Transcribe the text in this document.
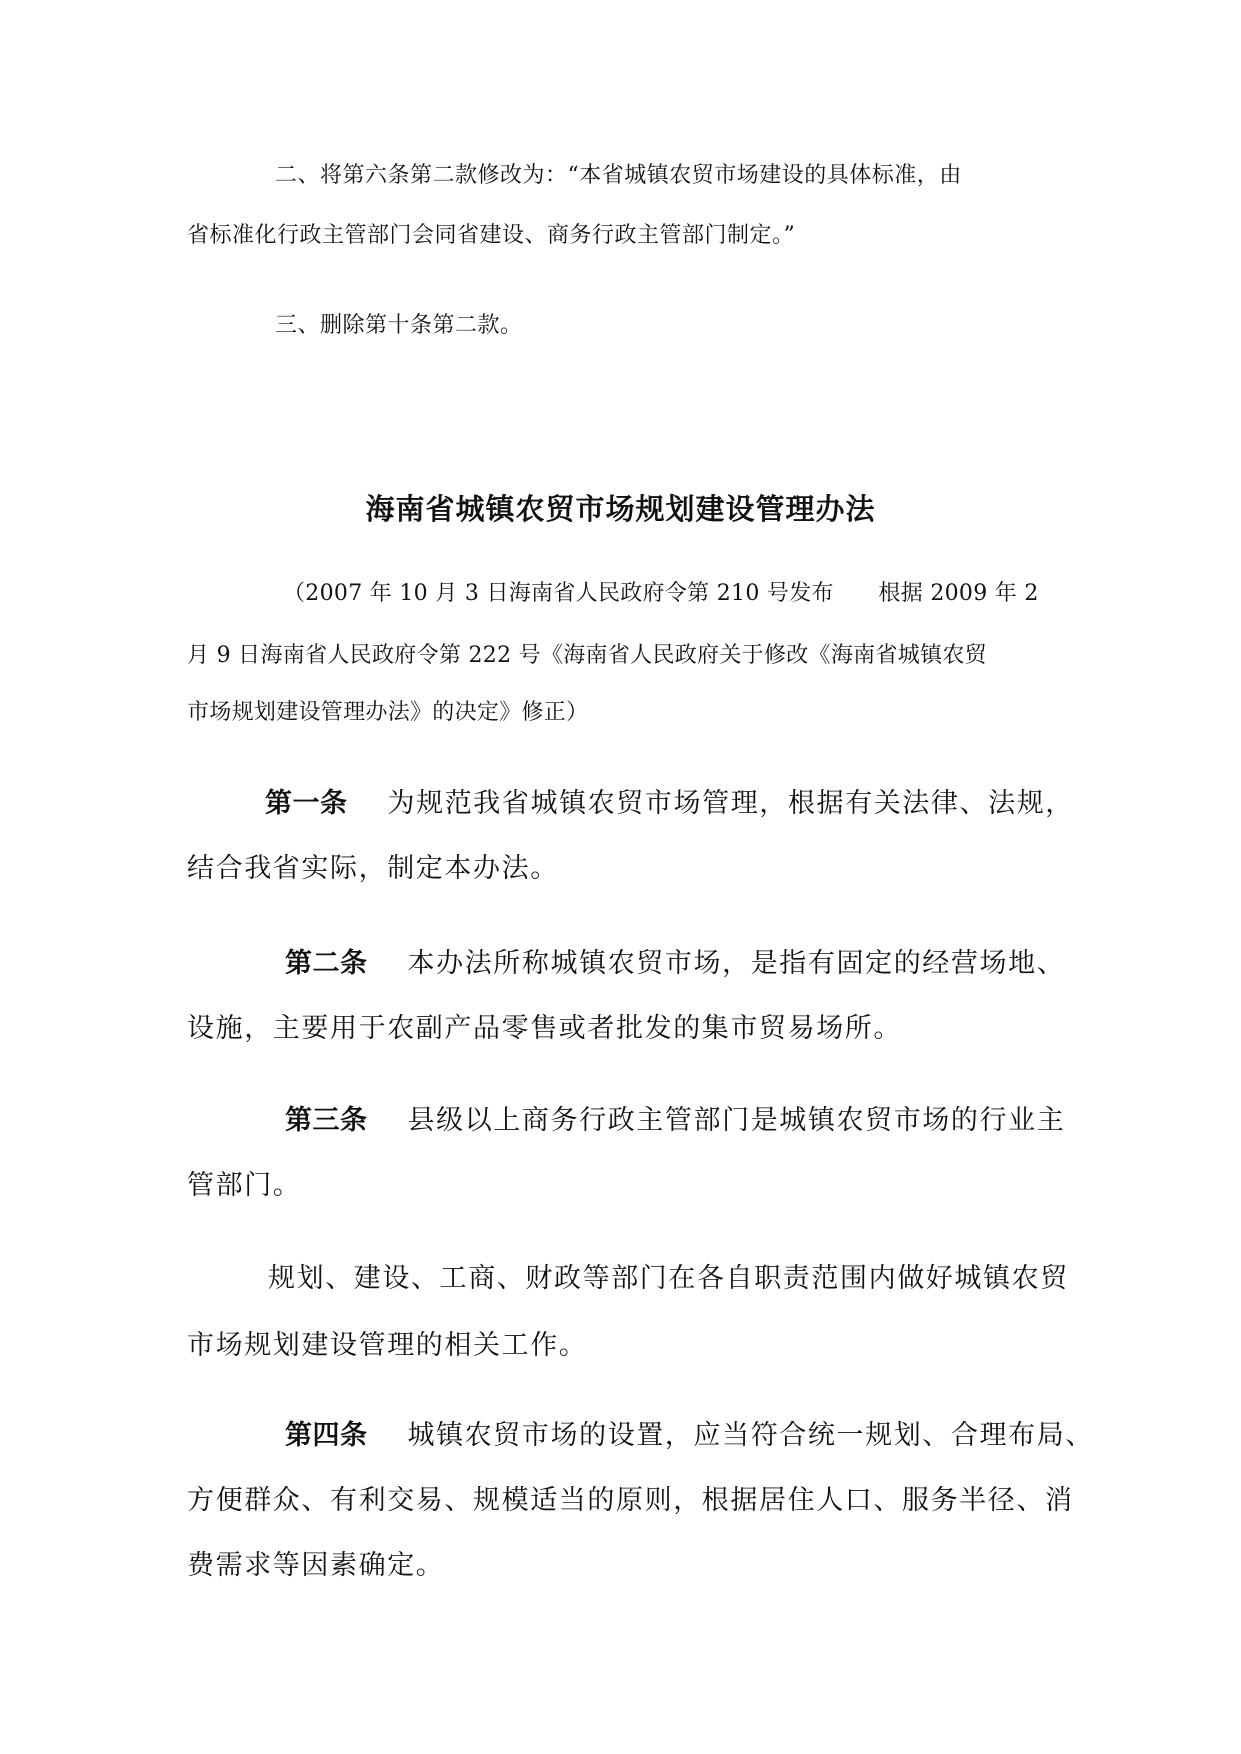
二、将第六条第二款修改为：“本省城镇农贸市场建设的具体标准，由
省标准化行政主管部门会同省建设、商务行政主管部门制定。”
三、删除第十条第二款。
海南省城镇农贸市场规划建设管理办法
（2007 年 10 月 3 日海南省人民政府令第 210 号发布　　根据 2009 年 2
月 9 日海南省人民政府令第 222 号《海南省人民政府关于修改《海南省城镇农贸
市场规划建设管理办法》的决定》修正）
第一条 为规范我省城镇农贸市场管理，根据有关法律、法规，
结合我省实际，制定本办法。
第二条 本办法所称城镇农贸市场，是指有固定的经营场地、
设施，主要用于农副产品零售或者批发的集市贸易场所。
第三条 县级以上商务行政主管部门是城镇农贸市场的行业主
管部门。
规划、建设、工商、财政等部门在各自职责范围内做好城镇农贸
市场规划建设管理的相关工作。
第四条 城镇农贸市场的设置，应当符合统一规划、合理布局、
方便群众、有利交易、规模适当的原则，根据居住人口、服务半径、消
费需求等因素确定。
